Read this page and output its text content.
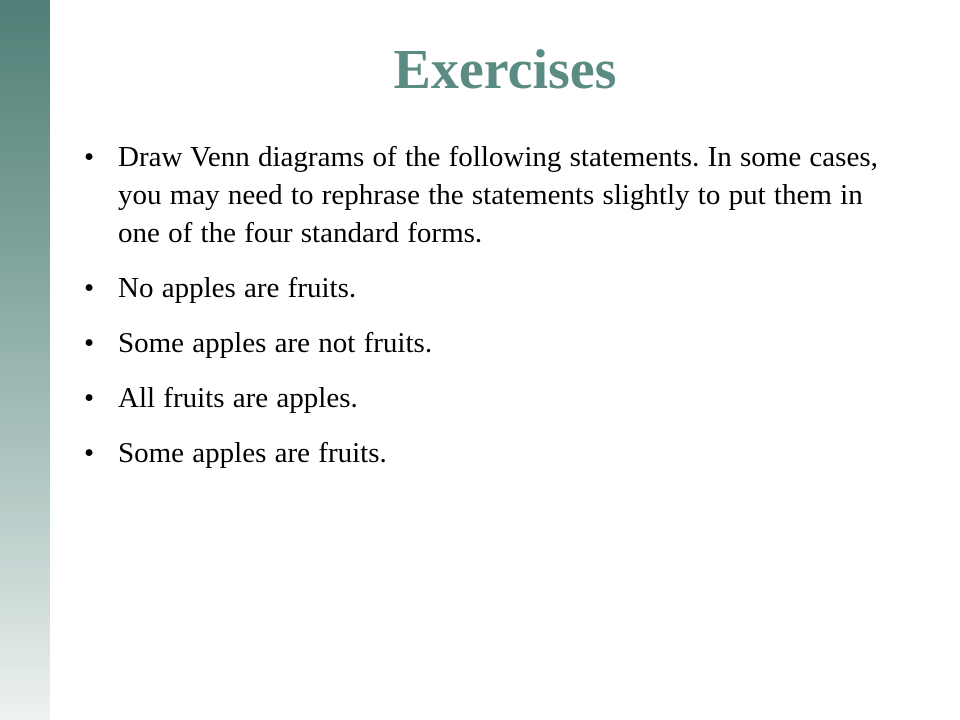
Exercises
• Draw Venn diagrams of the following statements. In some cases, you may need to rephrase the statements slightly to put them in one of the four standard forms.
• No apples are fruits.
• Some apples are not fruits.
• All fruits are apples.
• Some apples are fruits.
